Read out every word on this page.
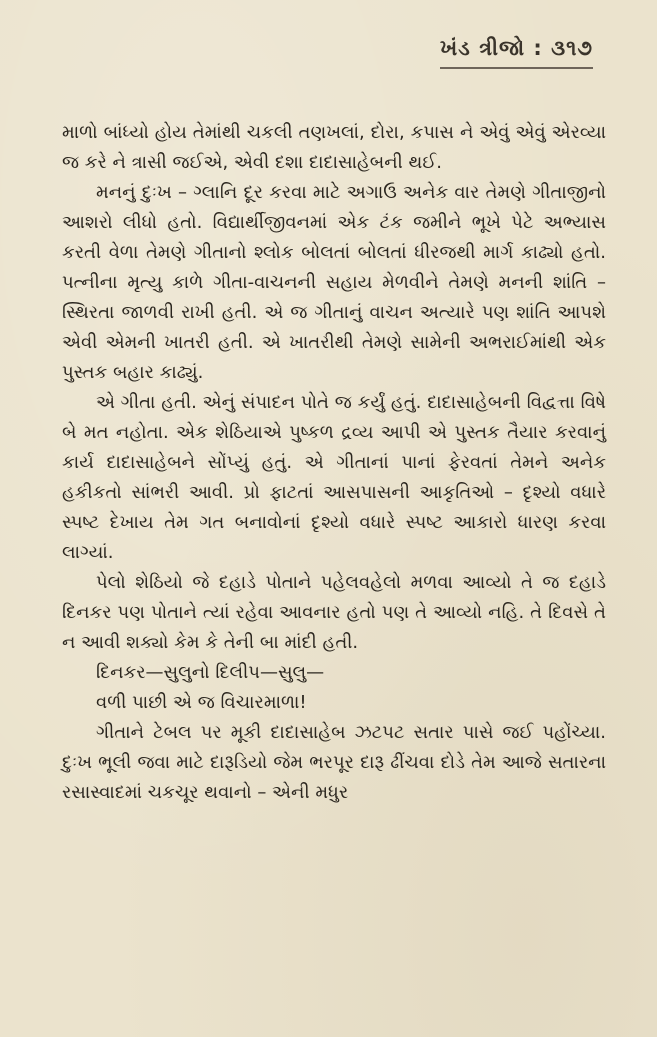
ખંડ ત્રીજો : ૩૧૭

માળો બાંધ્યો હોય તેમાંથી ચકલી તણખલાં, દોરા, કપાસ ને એવું એવું એરવ્યા જ કરે ને ત્રાસી જઈએ, એવી દશા દાદાસાહેબની થઈ.

મનનું દુઃખ – ગ્લાનિ દૂર કરવા માટે અગાઉ અનેક વાર તેમણે ગીતાજીનો આશરો લીધો હતો. વિદ્યાર્થીજીવનમાં એક ટંક જમીને ભૂખે પેટે અભ્યાસ કરતી વેળા તેમણે ગીતાનો શ્લોક બોલતાં બોલતાં ધીરજથી માર્ગ કાઢ્યો હતો. પત્નીના મૃત્યુ કાળે ગીતા-વાચનની સહાય મેળવીને તેમણે મનની શાંતિ – સ્થિરતા જાળવી રાખી હતી. એ જ ગીતાનું વાચન અત્યારે પણ શાંતિ આપશે એવી એમની ખાતરી હતી. એ ખાતરીથી તેમણે સામેની અભરાઈમાંથી એક પુસ્તક બહાર કાઢ્યું.

એ ગીતા હતી. એનું સંપાદન પોતે જ કર્યું હતું. દાદાસાહેબની વિદ્વત્તા વિષે બે મત નહોતા. એક શેઠિયાએ પુષ્કળ દ્રવ્ય આપી એ પુસ્તક તૈયાર કરવાનું કાર્ય દાદાસાહેબને સોંપ્યું હતું. એ ગીતાનાં પાનાં ફેરવતાં તેમને અનેક હકીકતો સાંભરી આવી. પ્રો ફાટતાં આસપાસની આકૃતિઓ – દૃશ્યો વધારે સ્પષ્ટ દેખાય તેમ ગત બનાવોનાં દૃશ્યો વધારે સ્પષ્ટ આકારો ધારણ કરવા લાગ્યાં.

પેલો શેઠિયો જે દહાડે પોતાને પહેલવહેલો મળવા આવ્યો તે જ દહાડે દિનકર પણ પોતાને ત્યાં રહેવા આવનાર હતો પણ તે આવ્યો નહિ. તે દિવસે તે ન આવી શક્યો કેમ કે તેની બા માંદી હતી.

દિનકર—સુલુનો દિલીપ—સુલુ—

વળી પાછી એ જ વિચારમાળા!

ગીતાને ટેબલ પર મૂકી દાદાસાહેબ ઝટપટ સતાર પાસે જઈ પહોંચ્યા. દુઃખ ભૂલી જવા માટે દારૂડિયો જેમ ભરપૂર દારૂ ઢીંચવા દોડે તેમ આજે સતારના રસાસ્વાદમાં ચકચૂર થવાનો – એની મધુર
